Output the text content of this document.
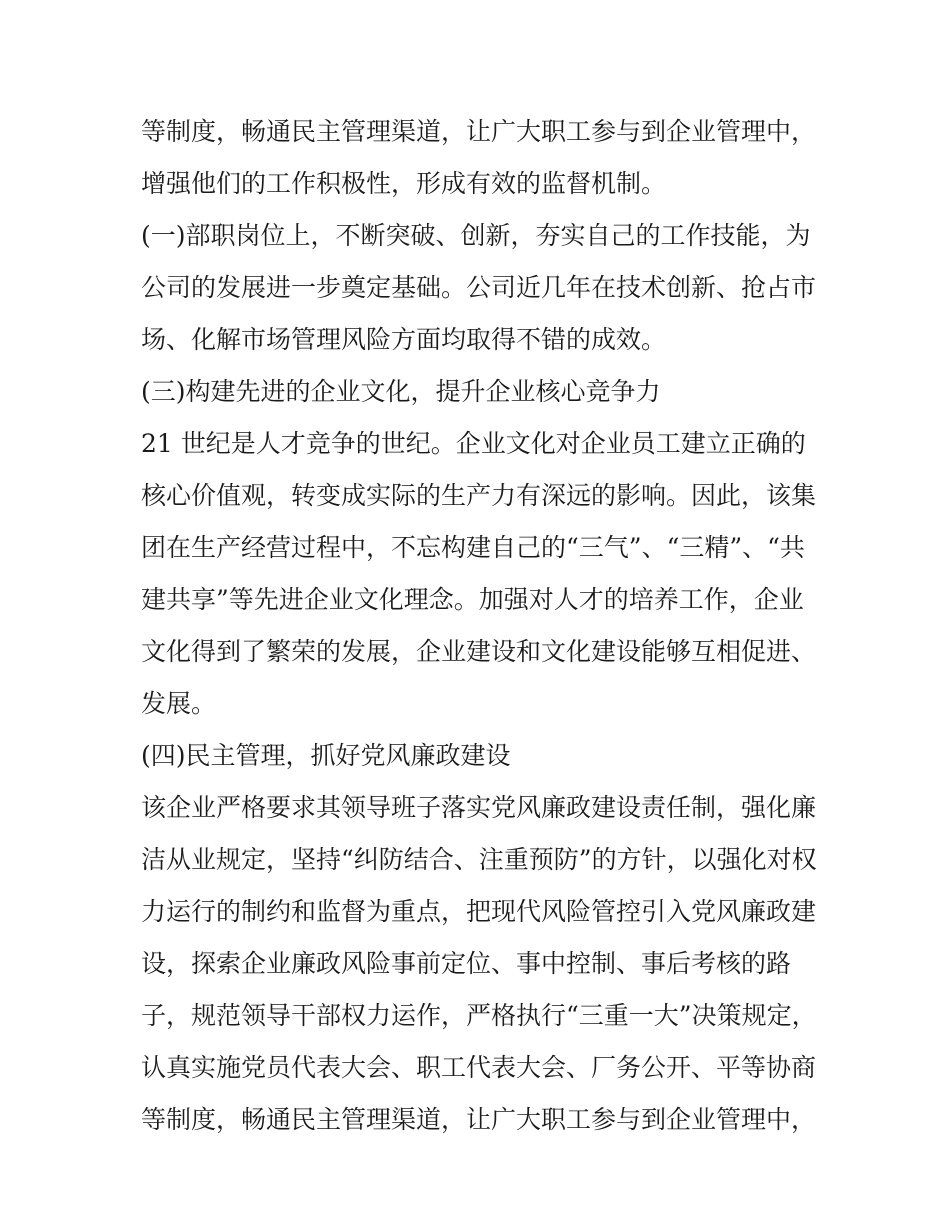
等制度，畅通民主管理渠道，让广大职工参与到企业管理中，
增强他们的工作积极性，形成有效的监督机制。
(一)部职岗位上，不断突破、创新，夯实自己的工作技能，为
公司的发展进一步奠定基础。公司近几年在技术创新、抢占市
场、化解市场管理风险方面均取得不错的成效。
(三)构建先进的企业文化，提升企业核心竞争力
21 世纪是人才竞争的世纪。企业文化对企业员工建立正确的
核心价值观，转变成实际的生产力有深远的影响。因此，该集
团在生产经营过程中，不忘构建自己的“三气”、“三精”、“共
建共享”等先进企业文化理念。加强对人才的培养工作，企业
文化得到了繁荣的发展，企业建设和文化建设能够互相促进、
发展。
(四)民主管理，抓好党风廉政建设
该企业严格要求其领导班子落实党风廉政建设责任制，强化廉
洁从业规定，坚持“纠防结合、注重预防”的方针，以强化对权
力运行的制约和监督为重点，把现代风险管控引入党风廉政建
设，探索企业廉政风险事前定位、事中控制、事后考核的路
子，规范领导干部权力运作，严格执行“三重一大”决策规定，
认真实施党员代表大会、职工代表大会、厂务公开、平等协商
等制度，畅通民主管理渠道，让广大职工参与到企业管理中，
